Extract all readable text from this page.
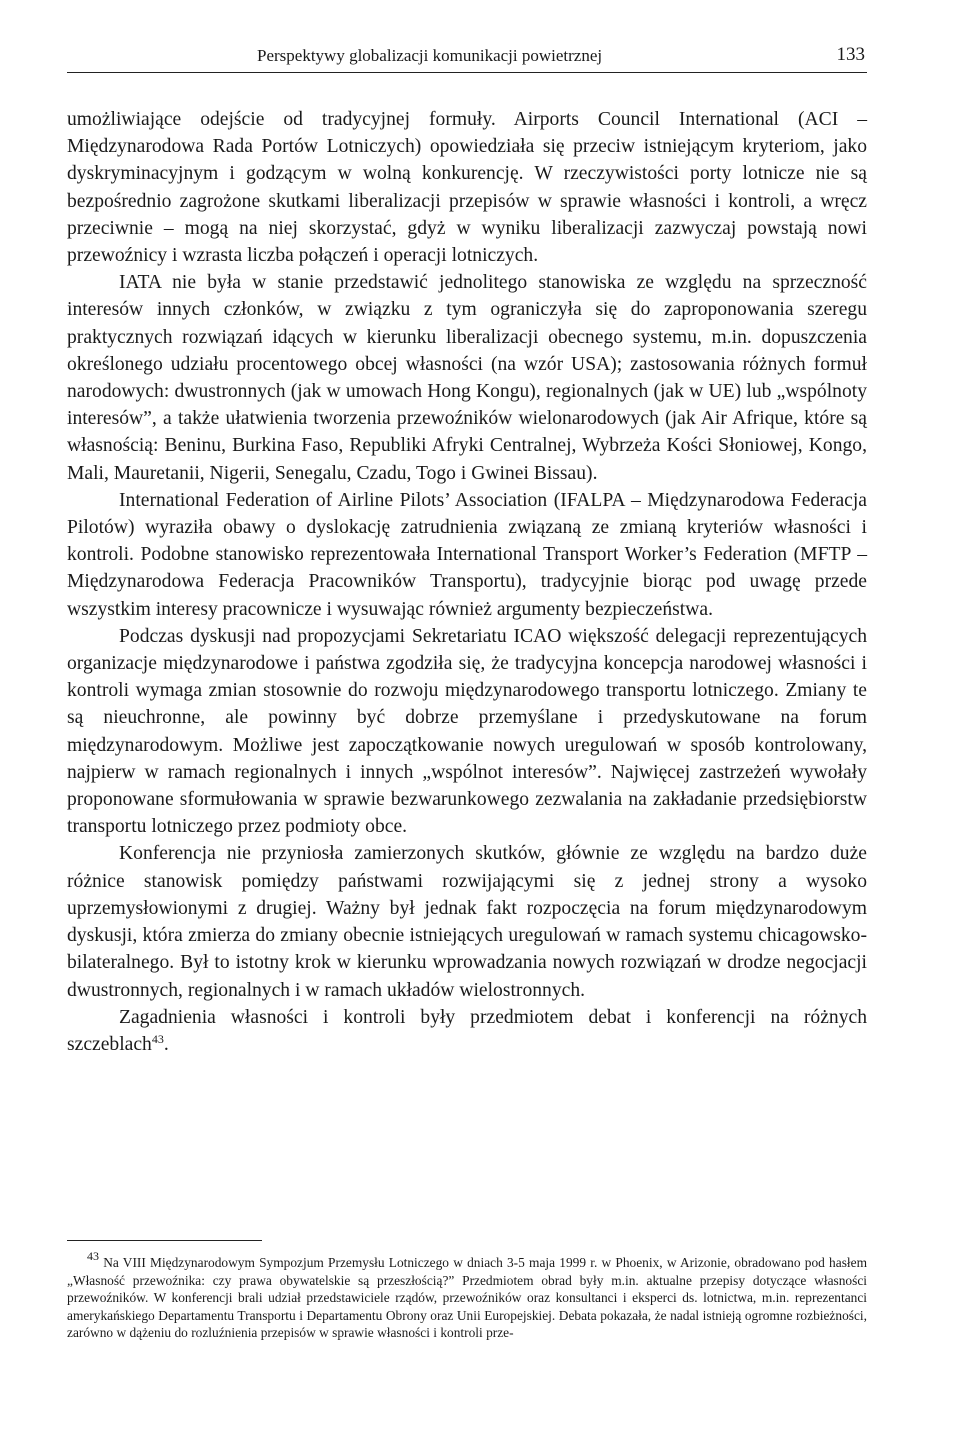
Perspektywy globalizacji komunikacji powietrznej	133

umożliwiające odejście od tradycyjnej formuły. Airports Council International (ACI – Międzynarodowa Rada Portów Lotniczych) opowiedziała się przeciw istniejącym kryteriom, jako dyskryminacyjnym i godzącym w wolną konkurencję. W rzeczywistości porty lotnicze nie są bezpośrednio zagrożone skutkami liberalizacji przepisów w sprawie własności i kontroli, a wręcz przeciwnie – mogą na niej skorzystać, gdyż w wyniku liberalizacji zazwyczaj powstają nowi przewoźnicy i wzrasta liczba połączeń i operacji lotniczych.

IATA nie była w stanie przedstawić jednolitego stanowiska ze względu na sprzeczność interesów innych członków, w związku z tym ograniczyła się do zaproponowania szeregu praktycznych rozwiązań idących w kierunku liberalizacji obecnego systemu, m.in. dopuszczenia określonego udziału procentowego obcej własności (na wzór USA); zastosowania różnych formuł narodowych: dwustronnych (jak w umowach Hong Kongu), regionalnych (jak w UE) lub „wspólnoty interesów”, a także ułatwienia tworzenia przewoźników wielonarodowych (jak Air Afrique, które są własnością: Beninu, Burkina Faso, Republiki Afryki Centralnej, Wybrzeża Kości Słoniowej, Kongo, Mali, Mauretanii, Nigerii, Senegalu, Czadu, Togo i Gwinei Bissau).

International Federation of Airline Pilots’ Association (IFALPA – Międzynarodowa Federacja Pilotów) wyraziła obawy o dyslokację zatrudnienia związaną ze zmianą kryteriów własności i kontroli. Podobne stanowisko reprezentowała International Transport Worker’s Federation (MFTP – Międzynarodowa Federacja Pracowników Transportu), tradycyjnie biorąc pod uwagę przede wszystkim interesy pracownicze i wysuwając również argumenty bezpieczeństwa.

Podczas dyskusji nad propozycjami Sekretariatu ICAO większość delegacji reprezentujących organizacje międzynarodowe i państwa zgodziła się, że tradycyjna koncepcja narodowej własności i kontroli wymaga zmian stosownie do rozwoju międzynarodowego transportu lotniczego. Zmiany te są nieuchronne, ale powinny być dobrze przemyślane i przedyskutowane na forum międzynarodowym. Możliwe jest zapoczątkowanie nowych uregulowań w sposób kontrolowany, najpierw w ramach regionalnych i innych „wspólnot interesów”. Najwięcej zastrzeżeń wywołały proponowane sformułowania w sprawie bezwarunkowego zezwalania na zakładanie przedsiębiorstw transportu lotniczego przez podmioty obce.

Konferencja nie przyniosła zamierzonych skutków, głównie ze względu na bardzo duże różnice stanowisk pomiędzy państwami rozwijającymi się z jednej strony a wysoko uprzemysłowionymi z drugiej. Ważny był jednak fakt rozpoczęcia na forum międzynarodowym dyskusji, która zmierza do zmiany obecnie istniejących uregulowań w ramach systemu chicagowsko-bilateralnego. Był to istotny krok w kierunku wprowadzania nowych rozwiązań w drodze negocjacji dwustronnych, regionalnych i w ramach układów wielostronnych.

Zagadnienia własności i kontroli były przedmiotem debat i konferencji na różnych szczeblach$^{43}$.

$^{43}$ Na VIII Międzynarodowym Sympozjum Przemysłu Lotniczego w dniach 3-5 maja 1999 r. w Phoenix, w Arizonie, obradowano pod hasłem „Własność przewoźnika: czy prawa obywatelskie są przeszłością?” Przedmiotem obrad były m.in. aktualne przepisy dotyczące własności przewoźników. W konferencji brali udział przedstawiciele rządów, przewoźników oraz konsultanci i eksperci ds. lotnictwa, m.in. reprezentanci amerykańskiego Departamentu Transportu i Departamentu Obrony oraz Unii Europejskiej. Debata pokazała, że nadal istnieją ogromne rozbieżności, zarówno w dążeniu do rozluźnienia przepisów w sprawie własności i kontroli prze-
